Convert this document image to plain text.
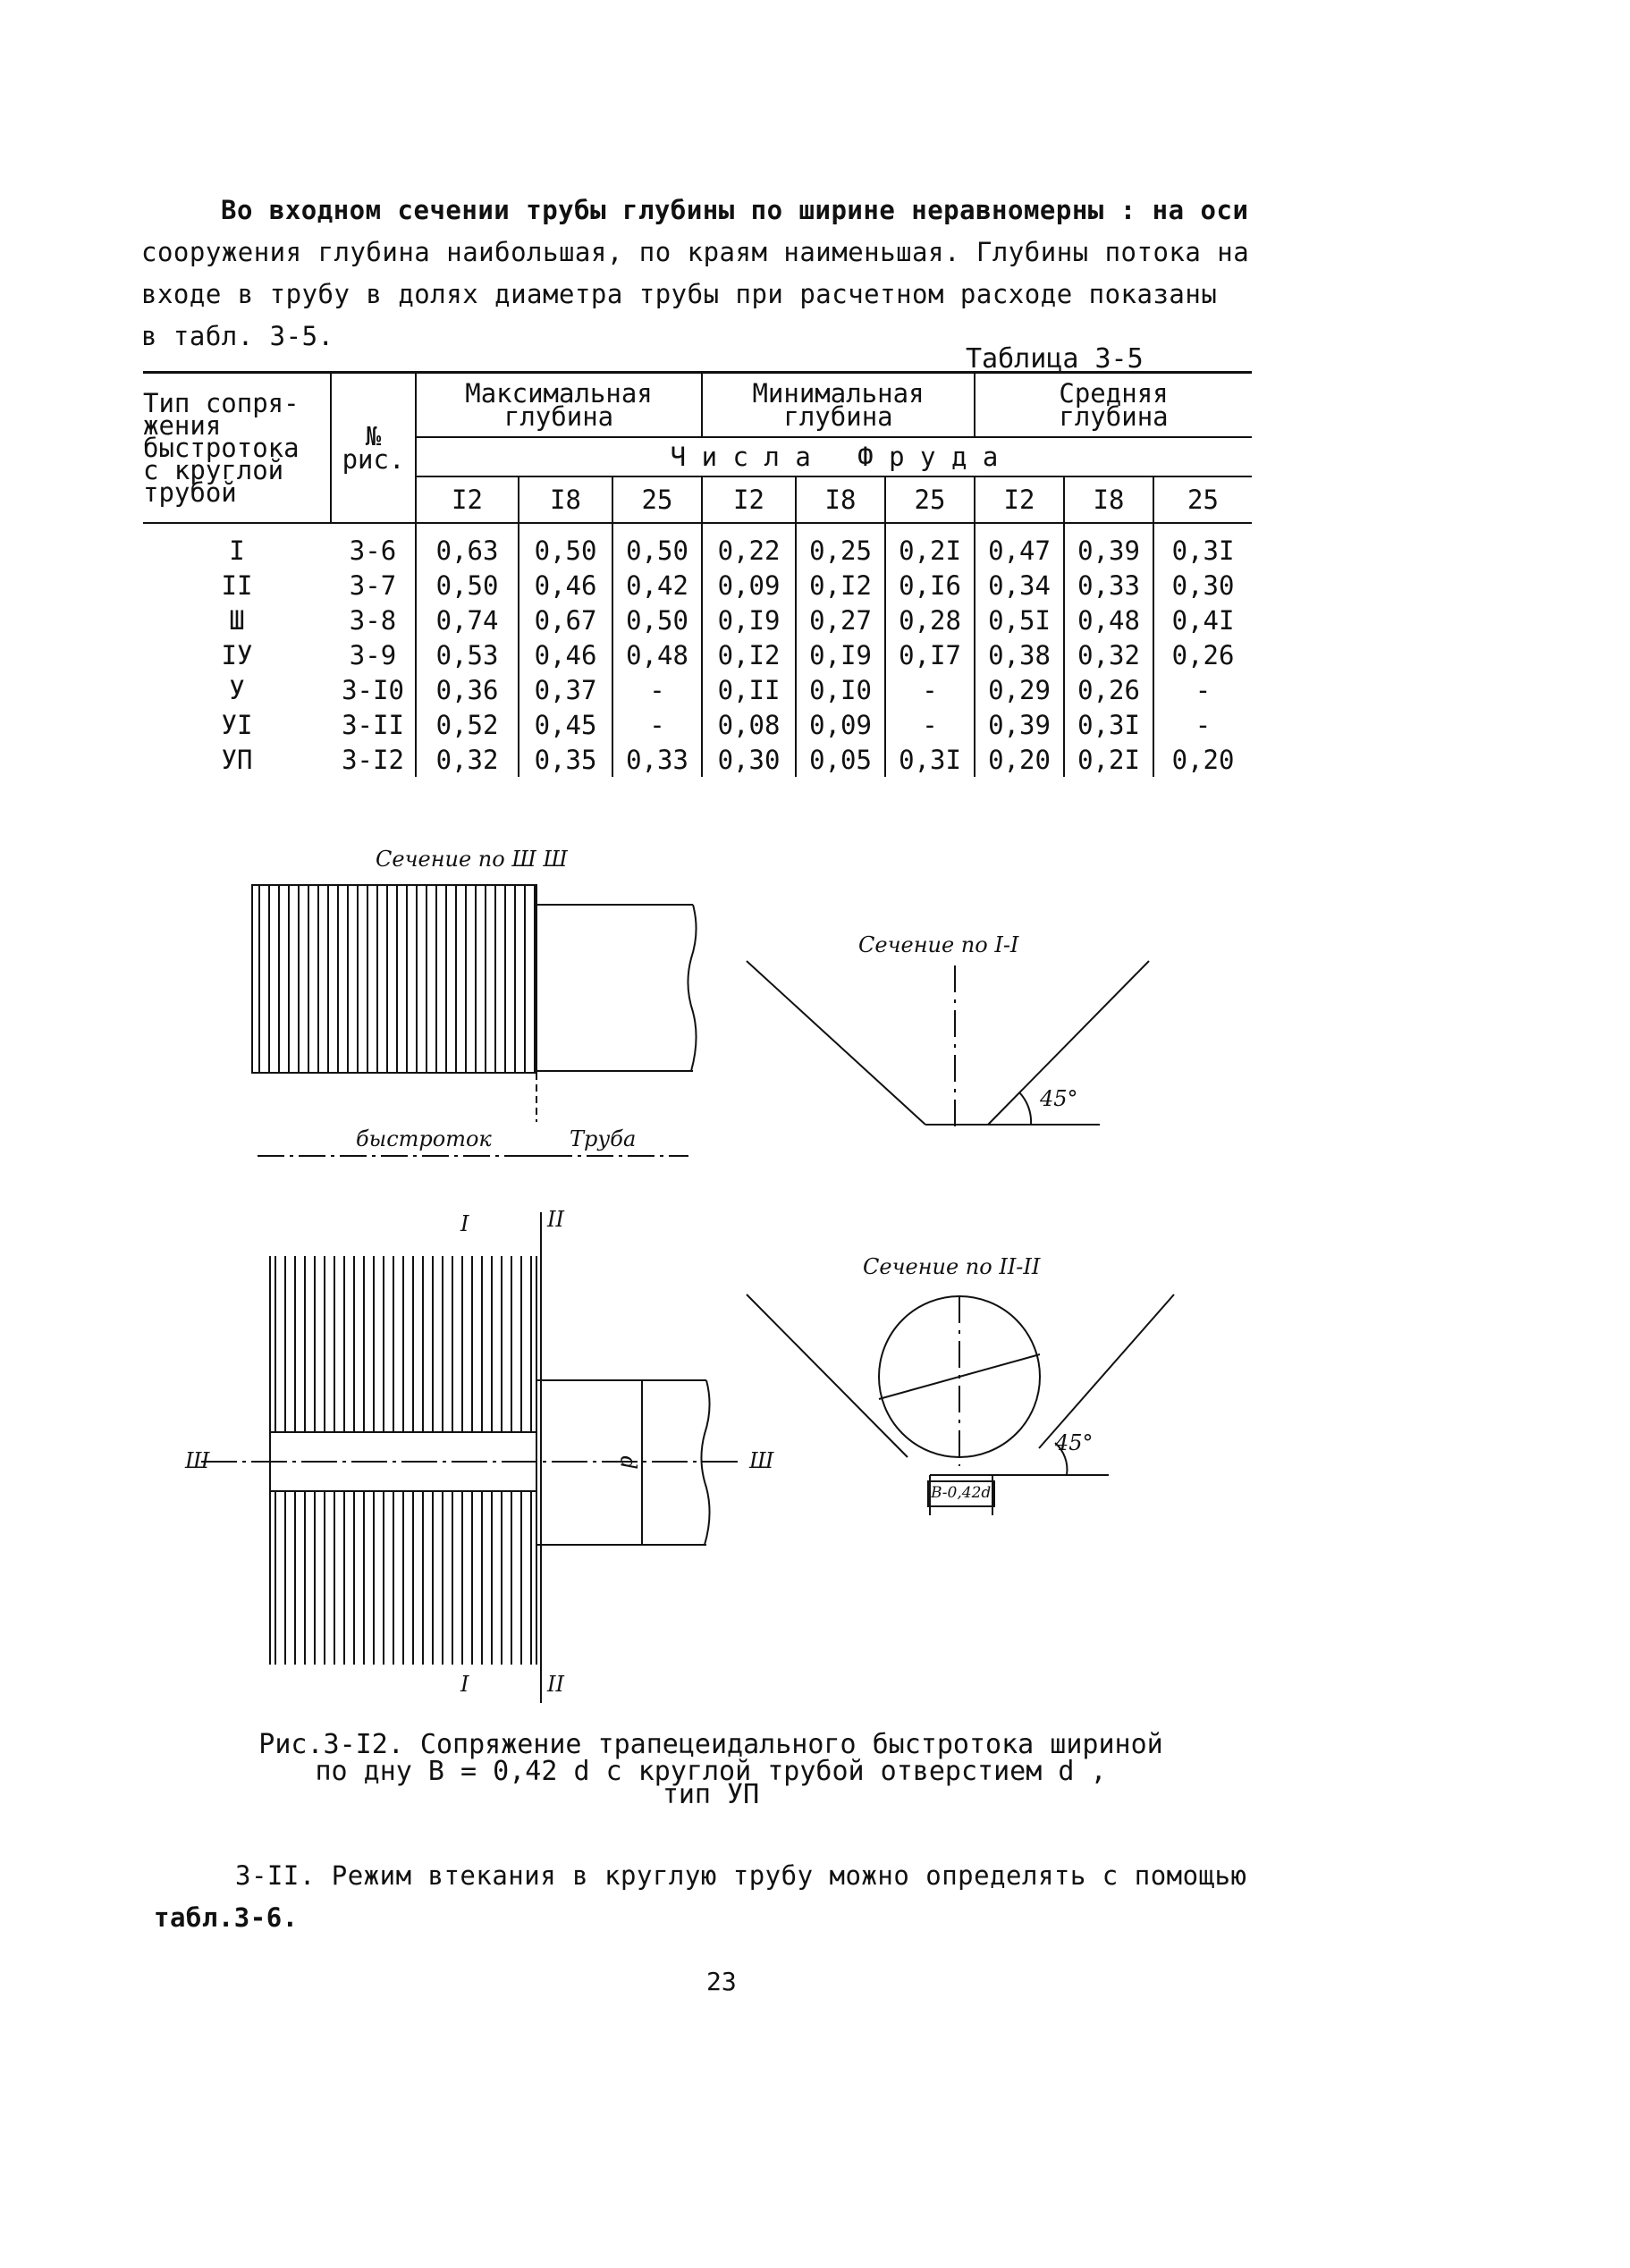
Во входном сечении трубы глубины по ширине неравномерны : на оси
сооружения глубина наибольшая, по краям наименьшая. Глубины потока на
входе в трубу в долях диаметра трубы при расчетном расходе показаны
в табл. 3-5.
Таблица 3-5
Тип сопря-
жения
быстротока
с круглой
трубой	№
рис.	Максимальная
глубина			Минимальная
глубина			Средняя
глубина		
		Ч и с л а   Ф р у д а								
		I2	I8	25	I2	I8	25	I2	I8	25
I	3-6	0,63	0,50	0,50	0,22	0,25	0,2I	0,47	0,39	0,3I
II	3-7	0,50	0,46	0,42	0,09	0,I2	0,I6	0,34	0,33	0,30
Ш	3-8	0,74	0,67	0,50	0,I9	0,27	0,28	0,5I	0,48	0,4I
IУ	3-9	0,53	0,46	0,48	0,I2	0,I9	0,I7	0,38	0,32	0,26
У	3-I0	0,36	0,37	-	0,II	0,I0	-	0,29	0,26	-
УI	3-II	0,52	0,45	-	0,08	0,09	-	0,39	0,3I	-
УП	3-I2	0,32	0,35	0,33	0,30	0,05	0,3I	0,20	0,2I	0,20
Сечение по Ш Ш
Сечение по I-I
Сечение по II-II
быстроток	Труба
45°
45°
I	II
I	II
Ш	Ш
d
B-0,42d
Рис.3-I2. Сопряжение трапецеидального быстротока шириной
по дну B = 0,42 d с круглой трубой отверстием d ,
тип УП
3-II. Режим втекания в круглую трубу можно определять с помощью
табл.3-6.
23
